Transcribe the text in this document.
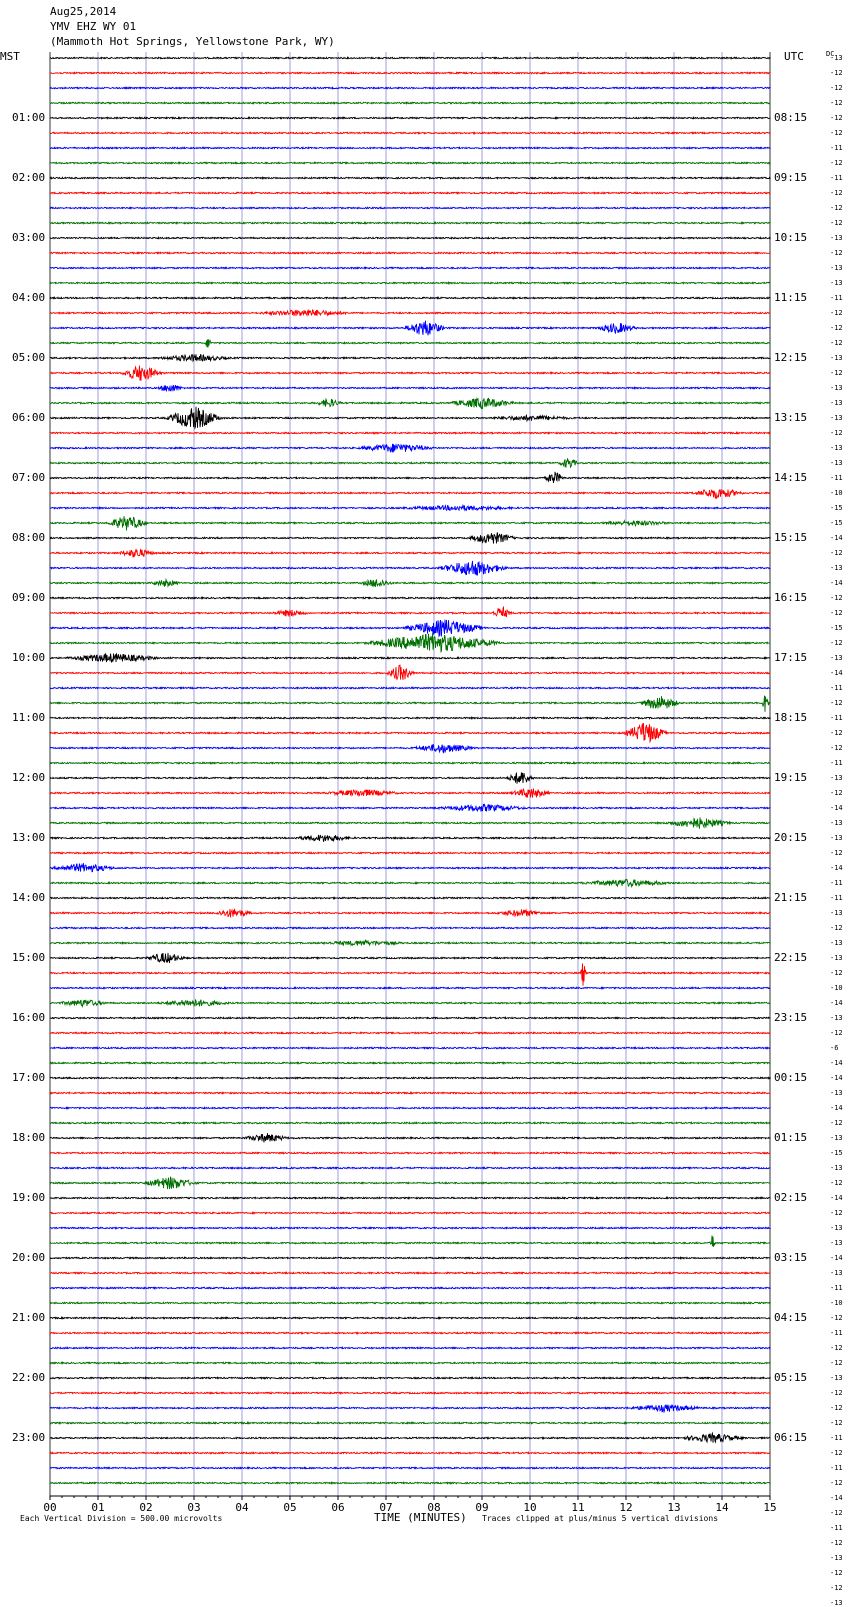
Aug25,2014
YMV EHZ WY 01
(Mammoth Hot Springs, Yellowstone Park, WY)
MST	UTC	DC
00	01	02	03	04	05	06	07	08	09	10	11	12	13	14	15
01:00
02:00
03:00
04:00
05:00
06:00
07:00
08:00
09:00
10:00
11:00
12:00
13:00
14:00
15:00
16:00
17:00
18:00
19:00
20:00
21:00
22:00
23:00
08:15
09:15
10:15
11:15
12:15
13:15
14:15
15:15
16:15
17:15
18:15
19:15
20:15
21:15
22:15
23:15
00:15
01:15
02:15
03:15
04:15
05:15
06:15
-13
-12
-12
-12
-12
-12
-11
-12
-11
-12
-12
-12
-13
-12
-13
-13
-11
-12
-12
-12
-13
-12
-13
-13
-13
-12
-13
-13
-11
-10
-15
-15
-14
-12
-13
-14
-12
-12
-15
-12
-13
-14
-11
-12
-11
-12
-12
-11
-13
-12
-14
-13
-13
-12
-14
-11
-11
-13
-12
-13
-13
-12
-10
-14
-13
-12
-6
-14
-14
-13
-14
-12
-13
-15
-13
-12
-14
-12
-13
-13
-14
-13
-11
-10
-12
-11
-12
-12
-13
-12
-12
-12
-11
-12
-11
-12
-14
-12
-11
-12
-13
-12
-12
-13
Each Vertical Division = 500.00 microvolts	TIME (MINUTES) Traces clipped at plus/minus 5 vertical divisions
